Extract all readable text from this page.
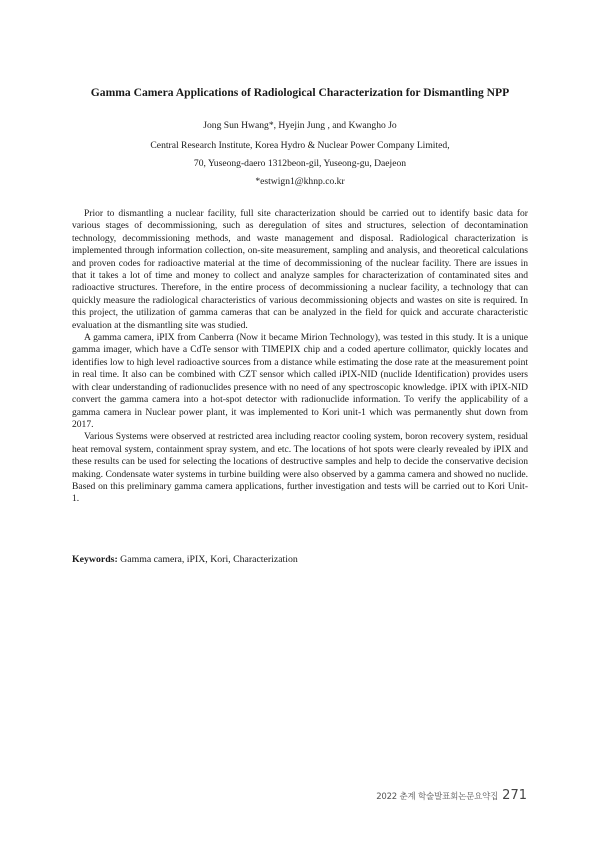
Gamma Camera Applications of Radiological Characterization for Dismantling NPP
Jong Sun Hwang*, Hyejin Jung , and Kwangho Jo
Central Research Institute, Korea Hydro & Nuclear Power Company Limited,
70, Yuseong-daero 1312beon-gil, Yuseong-gu, Daejeon
*estwign1@khnp.co.kr

Prior to dismantling a nuclear facility, full site characterization should be carried out to identify basic data for various stages of decommissioning, such as deregulation of sites and structures, selection of decontamination technology, decommissioning methods, and waste management and disposal. Radiological characterization is implemented through information collection, on-site measurement, sampling and analysis, and theoretical calculations and proven codes for radioactive material at the time of decommissioning of the nuclear facility. There are issues in that it takes a lot of time and money to collect and analyze samples for characterization of contaminated sites and radioactive structures. Therefore, in the entire process of decommissioning a nuclear facility, a technology that can quickly measure the radiological characteristics of various decommissioning objects and wastes on site is required. In this project, the utilization of gamma cameras that can be analyzed in the field for quick and accurate characteristic evaluation at the dismantling site was studied.

A gamma camera, iPIX from Canberra (Now it became Mirion Technology), was tested in this study. It is a unique gamma imager, which have a CdTe sensor with TIMEPIX chip and a coded aperture collimator, quickly locates and identifies low to high level radioactive sources from a distance while estimating the dose rate at the measurement point in real time. It also can be combined with CZT sensor which called iPIX-NID (nuclide Identification) provides users with clear understanding of radionuclides presence with no need of any spectroscopic knowledge. iPIX with iPIX-NID convert the gamma camera into a hot-spot detector with radionuclide information. To verify the applicability of a gamma camera in Nuclear power plant, it was implemented to Kori unit-1 which was permanently shut down from 2017.

Various Systems were observed at restricted area including reactor cooling system, boron recovery system, residual heat removal system, containment spray system, and etc. The locations of hot spots were clearly revealed by iPIX and these results can be used for selecting the locations of destructive samples and help to decide the conservative decision making. Condensate water systems in turbine building were also observed by a gamma camera and showed no nuclide. Based on this preliminary gamma camera applications, further investigation and tests will be carried out to Kori Unit-1.

Keywords: Gamma camera, iPIX, Kori, Characterization
2022 춘계 학술발표회논문요약집 271
